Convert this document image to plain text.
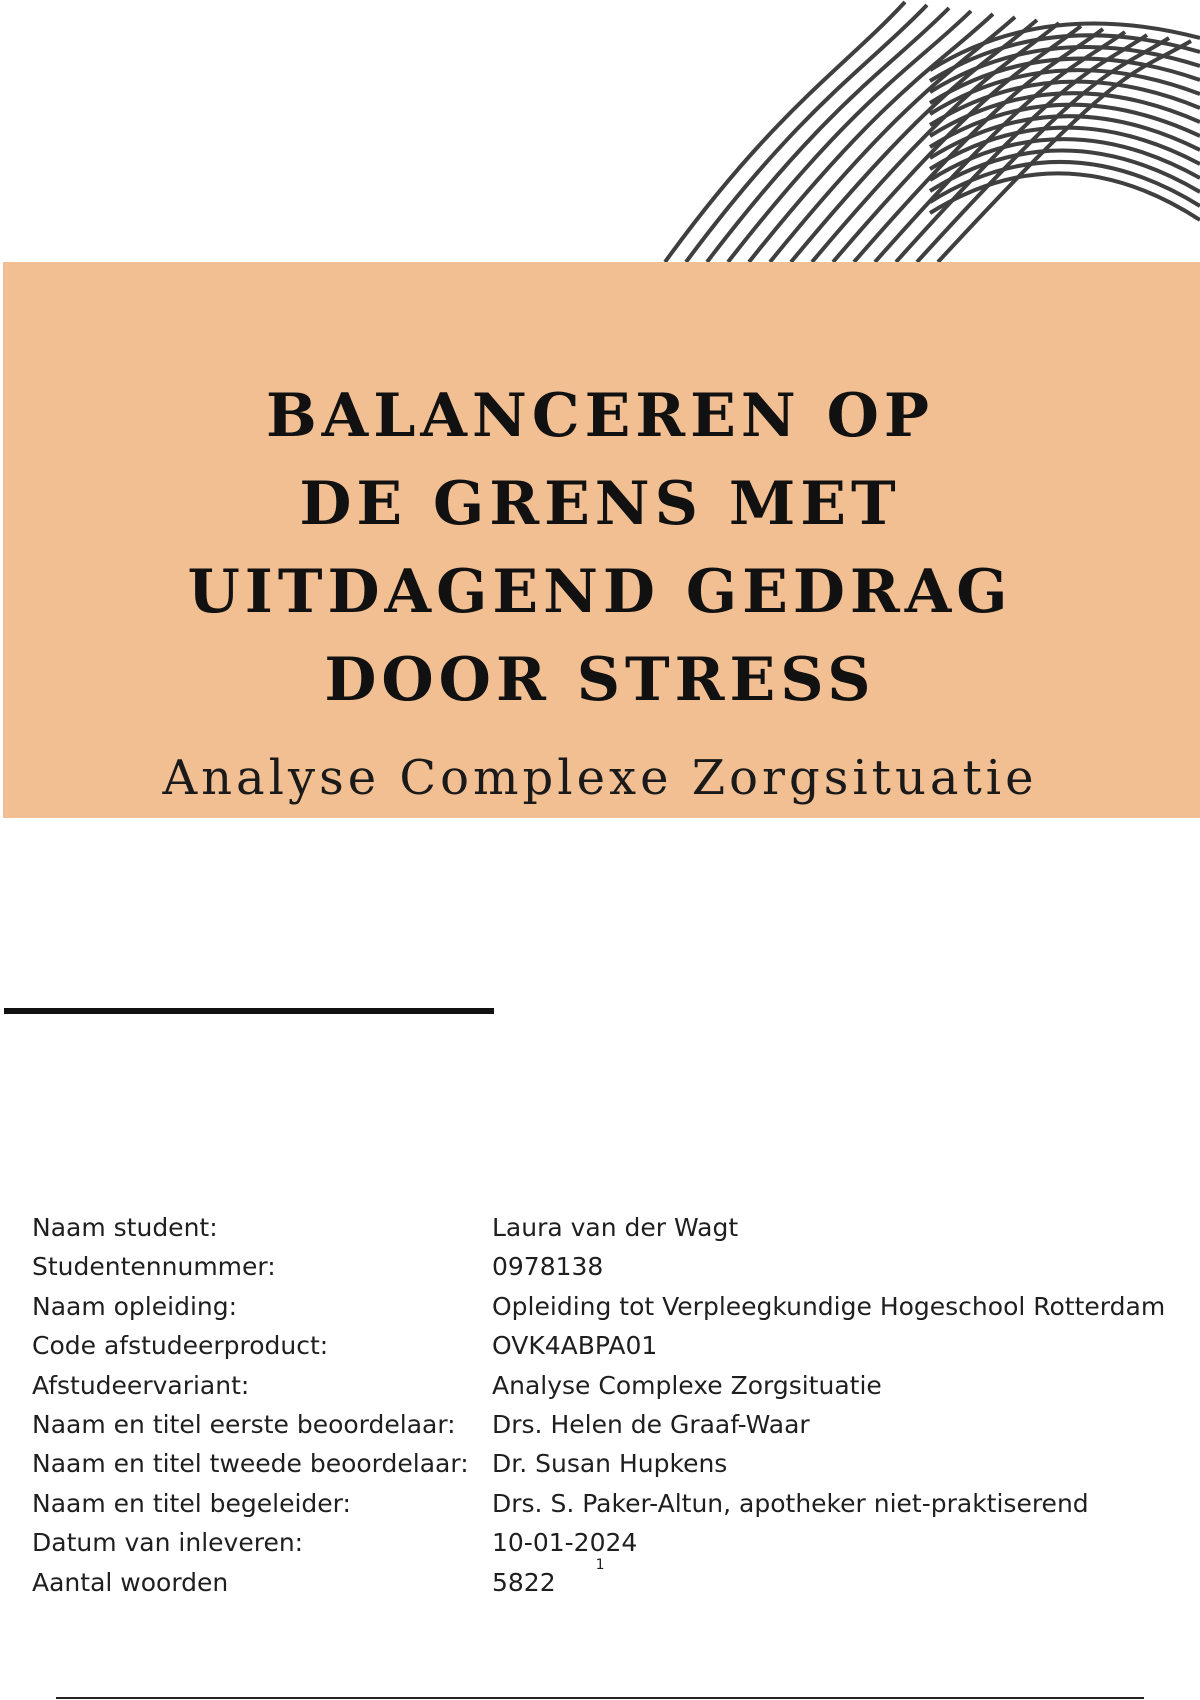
BALANCEREN OP
DE GRENS MET
UITDAGEND GEDRAG
DOOR STRESS
Analyse Complexe Zorgsituatie
Naam student:	Laura van der Wagt
Studentennummer:	0978138
Naam opleiding:	Opleiding tot Verpleegkundige Hogeschool Rotterdam
Code afstudeerproduct:	OVK4ABPA01
Afstudeervariant:	Analyse Complexe Zorgsituatie
Naam en titel eerste beoordelaar:	Drs. Helen de Graaf-Waar
Naam en titel tweede beoordelaar: Dr. Susan Hupkens
Naam en titel begeleider:	Drs. S. Paker-Altun, apotheker niet-praktiserend
Datum van inleveren:	10-01-2024
Aantal woorden	5822$^1$
